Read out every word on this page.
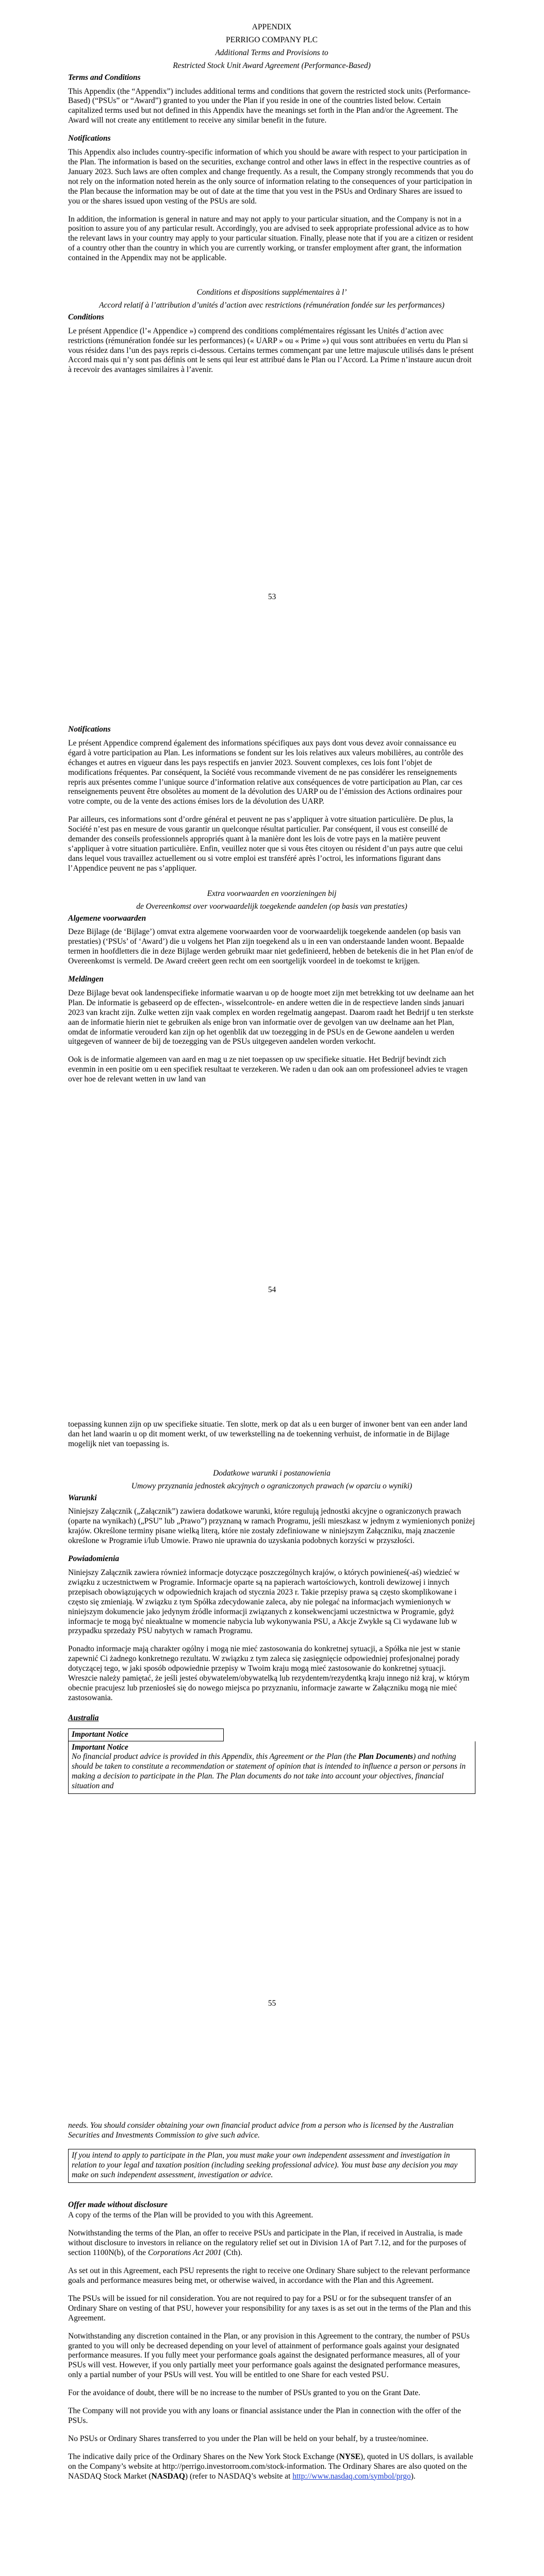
APPENDIX

PERRIGO COMPANY PLC

Additional Terms and Provisions to

Restricted Stock Unit Award Agreement (Performance-Based)

Terms and Conditions

This Appendix (the “Appendix”) includes additional terms and conditions that govern the restricted stock units (Performance-Based) (“PSUs” or “Award”) granted to you under the Plan if you reside in one of the countries listed below. Certain capitalized terms used but not defined in this Appendix have the meanings set forth in the Plan and/or the Agreement. The Award will not create any entitlement to receive any similar benefit in the future.

Notifications

This Appendix also includes country-specific information of which you should be aware with respect to your participation in the Plan. The information is based on the securities, exchange control and other laws in effect in the respective countries as of January 2023. Such laws are often complex and change frequently. As a result, the Company strongly recommends that you do not rely on the information noted herein as the only source of information relating to the consequences of your participation in the Plan because the information may be out of date at the time that you vest in the PSUs and Ordinary Shares are issued to you or the shares issued upon vesting of the PSUs are sold.

In addition, the information is general in nature and may not apply to your particular situation, and the Company is not in a position to assure you of any particular result. Accordingly, you are advised to seek appropriate professional advice as to how the relevant laws in your country may apply to your particular situation. Finally, please note that if you are a citizen or resident of a country other than the country in which you are currently working, or transfer employment after grant, the information contained in the Appendix may not be applicable.

Conditions et dispositions supplémentaires à l’

Accord relatif à l’attribution d’unités d’action avec restrictions (rémunération fondée sur les performances)

Conditions

Le présent Appendice (l’« Appendice ») comprend des conditions complémentaires régissant les Unités d’action avec restrictions (rémunération fondée sur les performances) (« UARP » ou « Prime ») qui vous sont attribuées en vertu du Plan si vous résidez dans l’un des pays repris ci-dessous. Certains termes commençant par une lettre majuscule utilisés dans le présent Accord mais qui n’y sont pas définis ont le sens qui leur est attribué dans le Plan ou l’Accord. La Prime n’instaure aucun droit à recevoir des avantages similaires à l’avenir.

53

Notifications

Le présent Appendice comprend également des informations spécifiques aux pays dont vous devez avoir connaissance eu égard à votre participation au Plan. Les informations se fondent sur les lois relatives aux valeurs mobilières, au contrôle des échanges et autres en vigueur dans les pays respectifs en janvier 2023. Souvent complexes, ces lois font l’objet de modifications fréquentes. Par conséquent, la Société vous recommande vivement de ne pas considérer les renseignements repris aux présentes comme l’unique source d’information relative aux conséquences de votre participation au Plan, car ces renseignements peuvent être obsolètes au moment de la dévolution des UARP ou de l’émission des Actions ordinaires pour votre compte, ou de la vente des actions émises lors de la dévolution des UARP.

Par ailleurs, ces informations sont d’ordre général et peuvent ne pas s’appliquer à votre situation particulière. De plus, la Société n’est pas en mesure de vous garantir un quelconque résultat particulier. Par conséquent, il vous est conseillé de demander des conseils professionnels appropriés quant à la manière dont les lois de votre pays en la matière peuvent s’appliquer à votre situation particulière. Enfin, veuillez noter que si vous êtes citoyen ou résident d’un pays autre que celui dans lequel vous travaillez actuellement ou si votre emploi est transféré après l’octroi, les informations figurant dans l’Appendice peuvent ne pas s’appliquer.

Extra voorwaarden en voorzieningen bij

de Overeenkomst over voorwaardelijk toegekende aandelen (op basis van prestaties)

Algemene voorwaarden

Deze Bijlage (de ‘Bijlage’) omvat extra algemene voorwaarden voor de voorwaardelijk toegekende aandelen (op basis van prestaties) (‘PSUs’ of ‘Award’) die u volgens het Plan zijn toegekend als u in een van onderstaande landen woont. Bepaalde termen in hoofdletters die in deze Bijlage werden gebruikt maar niet gedefinieerd, hebben de betekenis die in het Plan en/of de Overeenkomst is vermeld. De Award creëert geen recht om een soortgelijk voordeel in de toekomst te krijgen.

Meldingen

Deze Bijlage bevat ook landenspecifieke informatie waarvan u op de hoogte moet zijn met betrekking tot uw deelname aan het Plan. De informatie is gebaseerd op de effecten-, wisselcontrole- en andere wetten die in de respectieve landen sinds januari 2023 van kracht zijn. Zulke wetten zijn vaak complex en worden regelmatig aangepast. Daarom raadt het Bedrijf u ten sterkste aan de informatie hierin niet te gebruiken als enige bron van informatie over de gevolgen van uw deelname aan het Plan, omdat de informatie verouderd kan zijn op het ogenblik dat uw toezegging in de PSUs en de Gewone aandelen u werden uitgegeven of wanneer de bij de toezegging van de PSUs uitgegeven aandelen worden verkocht.

Ook is de informatie algemeen van aard en mag u ze niet toepassen op uw specifieke situatie. Het Bedrijf bevindt zich evenmin in een positie om u een specifiek resultaat te verzekeren. We raden u dan ook aan om professioneel advies te vragen over hoe de relevant wetten in uw land van

54

toepassing kunnen zijn op uw specifieke situatie. Ten slotte, merk op dat als u een burger of inwoner bent van een ander land dan het land waarin u op dit moment werkt, of uw tewerkstelling na de toekenning verhuist, de informatie in de Bijlage mogelijk niet van toepassing is.

Dodatkowe warunki i postanowienia

Umowy przyznania jednostek akcyjnych o ograniczonych prawach (w oparciu o wyniki)

Warunki

Niniejszy Załącznik („Załącznik”) zawiera dodatkowe warunki, które regulują jednostki akcyjne o ograniczonych prawach (oparte na wynikach) („PSU” lub „Prawo”) przyznaną w ramach Programu, jeśli mieszkasz w jednym z wymienionych poniżej krajów. Określone terminy pisane wielką literą, które nie zostały zdefiniowane w niniejszym Załączniku, mają znaczenie określone w Programie i/lub Umowie. Prawo nie uprawnia do uzyskania podobnych korzyści w przyszłości.

Powiadomienia

Niniejszy Załącznik zawiera również informacje dotyczące poszczególnych krajów, o których powinieneś(-aś) wiedzieć w związku z uczestnictwem w Programie. Informacje oparte są na papierach wartościowych, kontroli dewizowej i innych przepisach obowiązujących w odpowiednich krajach od stycznia 2023 r. Takie przepisy prawa są często skomplikowane i często się zmieniają. W związku z tym Spółka zdecydowanie zaleca, aby nie polegać na informacjach wymienionych w niniejszym dokumencie jako jedynym źródle informacji związanych z konsekwencjami uczestnictwa w Programie, gdyż informacje te mogą być nieaktualne w momencie nabycia lub wykonywania PSU, a Akcje Zwykłe są Ci wydawane lub w przypadku sprzedaży PSU nabytych w ramach Programu.

Ponadto informacje mają charakter ogólny i mogą nie mieć zastosowania do konkretnej sytuacji, a Spółka nie jest w stanie zapewnić Ci żadnego konkretnego rezultatu. W związku z tym zaleca się zasięgnięcie odpowiedniej profesjonalnej porady dotyczącej tego, w jaki sposób odpowiednie przepisy w Twoim kraju mogą mieć zastosowanie do konkretnej sytuacji. Wreszcie należy pamiętać, że jeśli jesteś obywatelem/obywatelką lub rezydentem/rezydentką kraju innego niż kraj, w którym obecnie pracujesz lub przeniosłeś się do nowego miejsca po przyznaniu, informacje zawarte w Załączniku mogą nie mieć zastosowania.

Australia

Important Notice
Important Notice
No financial product advice is provided in this Appendix, this Agreement or the Plan (the Plan Documents) and nothing should be taken to constitute a recommendation or statement of opinion that is intended to influence a person or persons in making a decision to participate in the Plan. The Plan documents do not take into account your objectives, financial situation and
55
needs. You should consider obtaining your own financial product advice from a person who is licensed by the Australian Securities and Investments Commission to give such advice.
If you intend to apply to participate in the Plan, you must make your own independent assessment and investigation in relation to your legal and taxation position (including seeking professional advice). You must base any decision you may make on such independent assessment, investigation or advice.

Offer made without disclosure

A copy of the terms of the Plan will be provided to you with this Agreement.

Notwithstanding the terms of the Plan, an offer to receive PSUs and participate in the Plan, if received in Australia, is made without disclosure to investors in reliance on the regulatory relief set out in Division 1A of Part 7.12, and for the purposes of section 1100N(b), of the Corporations Act 2001 (Cth).

As set out in this Agreement, each PSU represents the right to receive one Ordinary Share subject to the relevant performance goals and performance measures being met, or otherwise waived, in accordance with the Plan and this Agreement.

The PSUs will be issued for nil consideration. You are not required to pay for a PSU or for the subsequent transfer of an Ordinary Share on vesting of that PSU, however your responsibility for any taxes is as set out in the terms of the Plan and this Agreement.

Notwithstanding any discretion contained in the Plan, or any provision in this Agreement to the contrary, the number of PSUs granted to you will only be decreased depending on your level of attainment of performance goals against your designated performance measures. If you fully meet your performance goals against the designated performance measures, all of your PSUs will vest. However, if you only partially meet your performance goals against the designated performance measures, only a partial number of your PSUs will vest. You will be entitled to one Share for each vested PSU.

For the avoidance of doubt, there will be no increase to the number of PSUs granted to you on the Grant Date.

The Company will not provide you with any loans or financial assistance under the Plan in connection with the offer of the PSUs.

No PSUs or Ordinary Shares transferred to you under the Plan will be held on your behalf, by a trustee/nominee.

The indicative daily price of the Ordinary Shares on the New York Stock Exchange (NYSE), quoted in US dollars, is available on the Company’s website at http://perrigo.investorroom.com/stock-information. The Ordinary Shares are also quoted on the NASDAQ Stock Market (NASDAQ) (refer to NASDAQ’s website at http://www.nasdaq.com/symbol/prgo).
